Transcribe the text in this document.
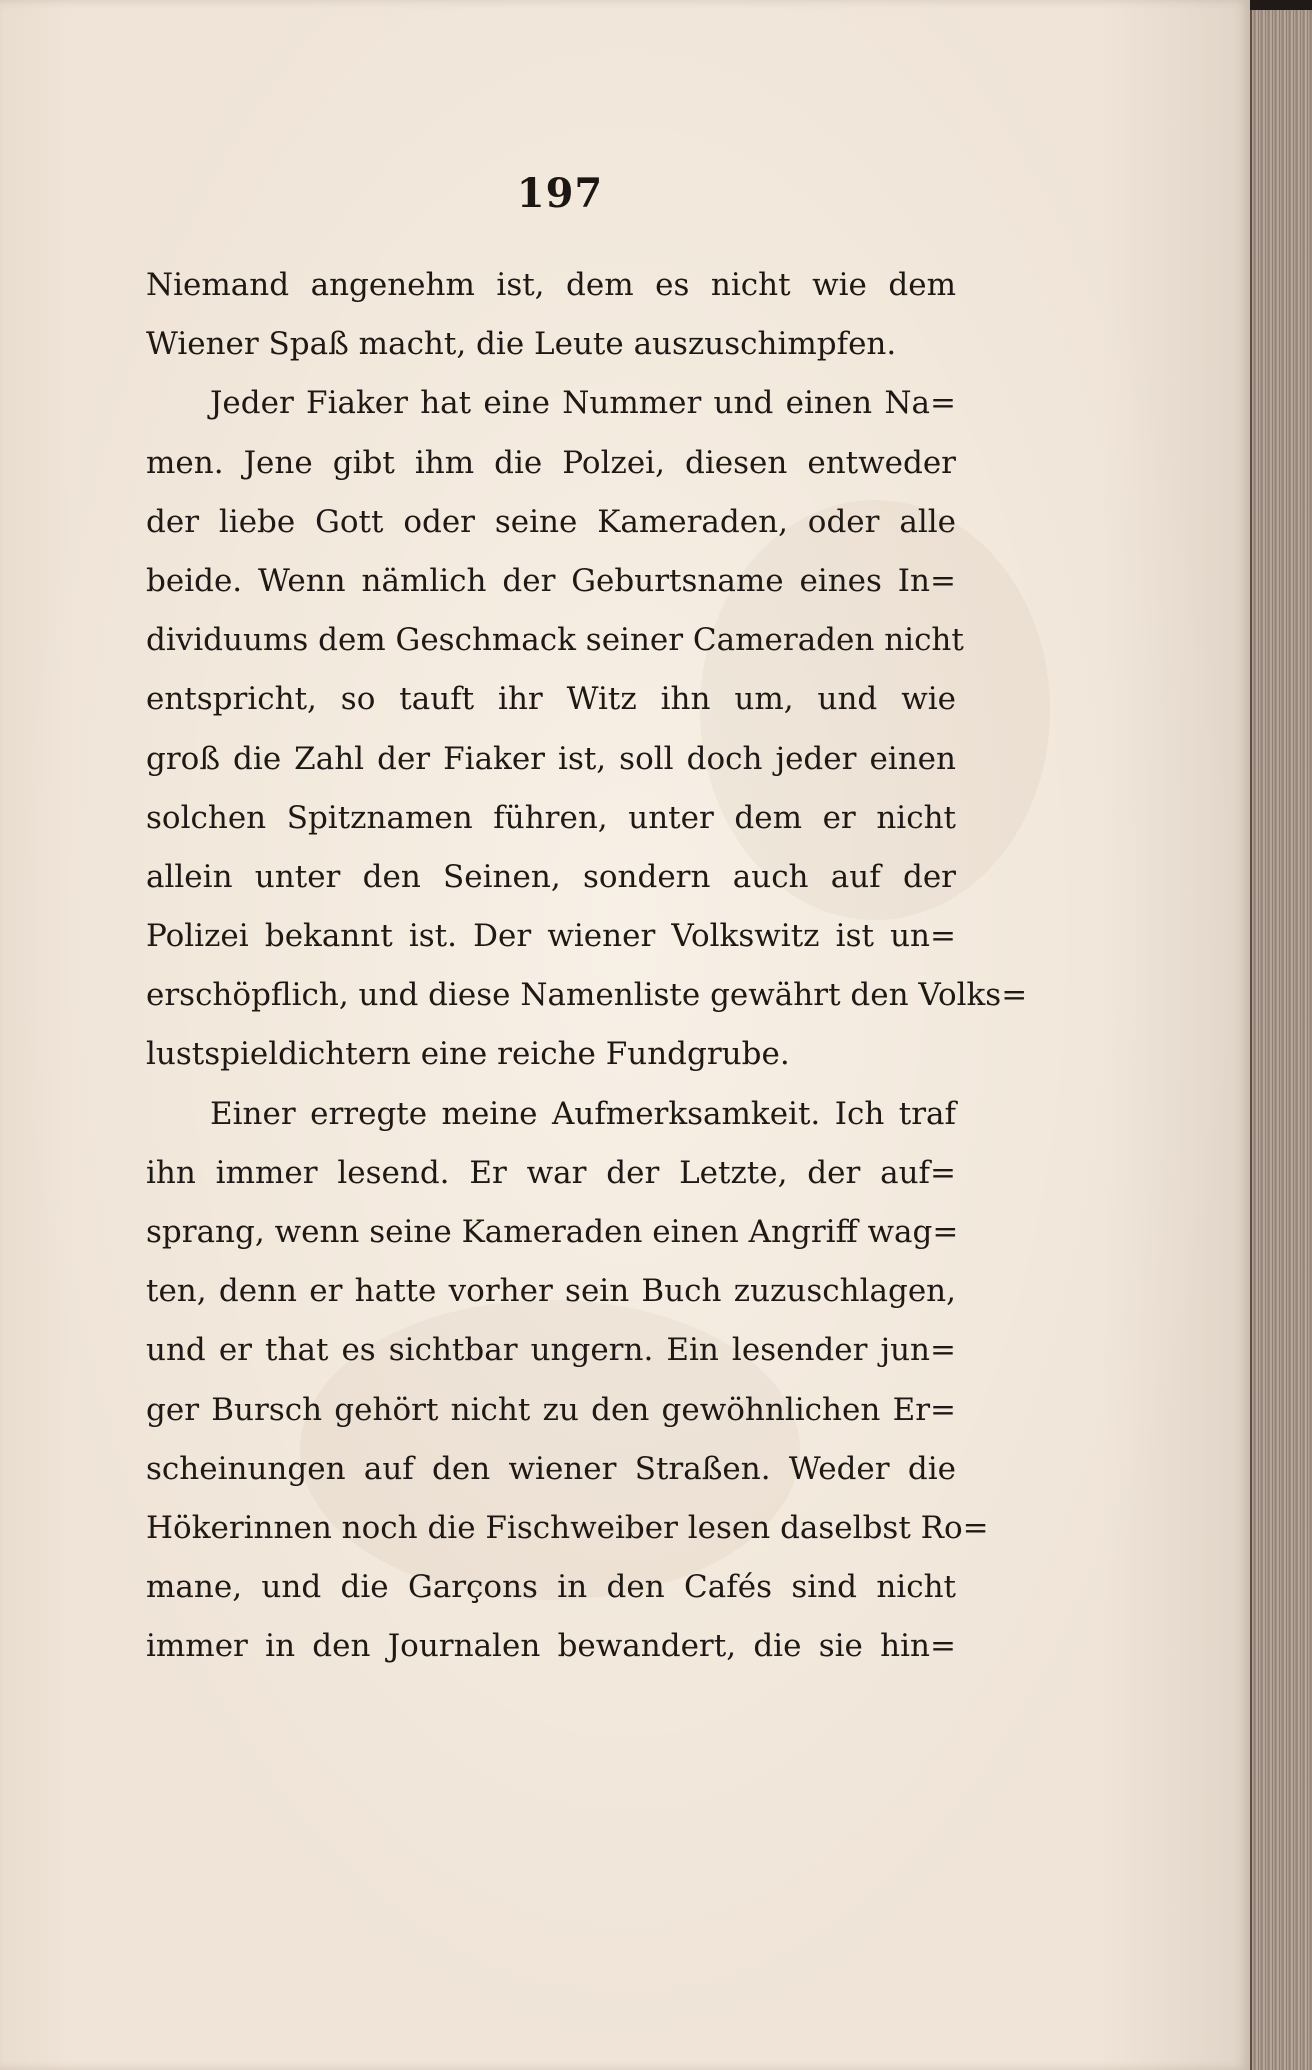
197
Niemand angenehm ist, dem es nicht wie dem
Wiener Spaß macht, die Leute auszuschimpfen.
Jeder Fiaker hat eine Nummer und einen Na=
men. Jene gibt ihm die Polzei, diesen entweder
der liebe Gott oder seine Kameraden, oder alle
beide. Wenn nämlich der Geburtsname eines In=
dividuums dem Geschmack seiner Cameraden nicht
entspricht, so tauft ihr Witz ihn um, und wie
groß die Zahl der Fiaker ist, soll doch jeder einen
solchen Spitznamen führen, unter dem er nicht
allein unter den Seinen, sondern auch auf der
Polizei bekannt ist. Der wiener Volkswitz ist un=
erschöpflich, und diese Namenliste gewährt den Volks=
lustspieldichtern eine reiche Fundgrube.
Einer erregte meine Aufmerksamkeit. Ich traf
ihn immer lesend. Er war der Letzte, der auf=
sprang, wenn seine Kameraden einen Angriff wag=
ten, denn er hatte vorher sein Buch zuzuschlagen,
und er that es sichtbar ungern. Ein lesender jun=
ger Bursch gehört nicht zu den gewöhnlichen Er=
scheinungen auf den wiener Straßen. Weder die
Hökerinnen noch die Fischweiber lesen daselbst Ro=
mane, und die Garçons in den Cafés sind nicht
immer in den Journalen bewandert, die sie hin=
